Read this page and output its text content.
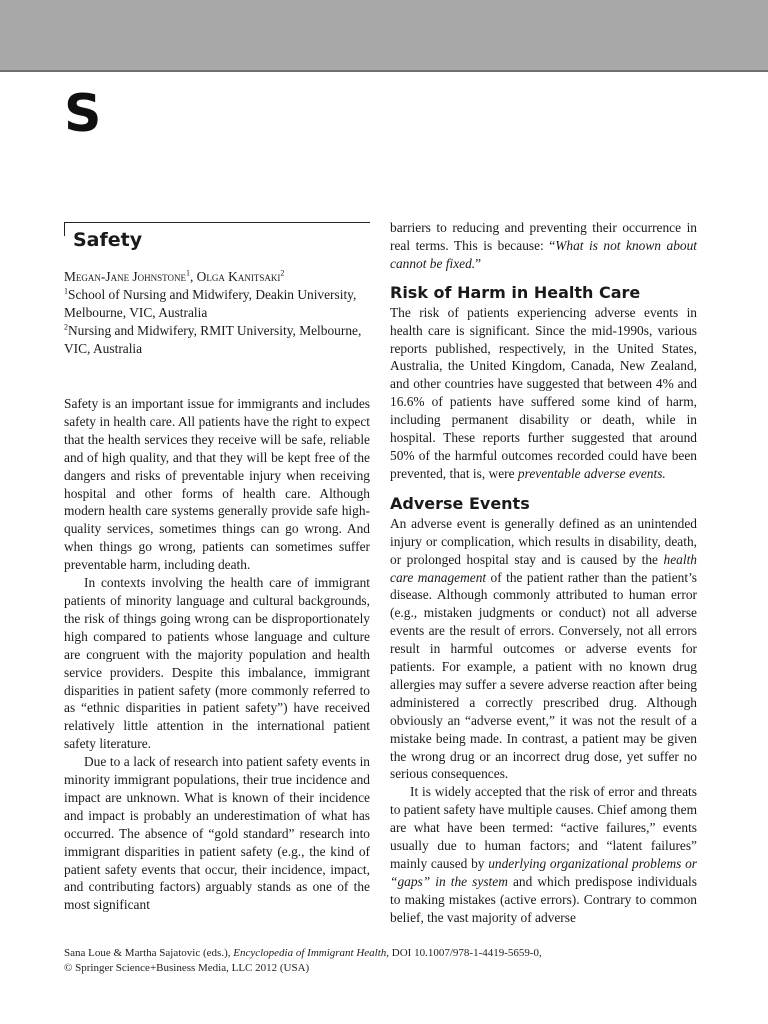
S
Safety
Megan-Jane Johnstone$^1$, Olga Kanitsaki$^2$
$^1$School of Nursing and Midwifery, Deakin University, Melbourne, VIC, Australia
$^2$Nursing and Midwifery, RMIT University, Melbourne, VIC, Australia

Safety is an important issue for immigrants and includes safety in health care. All patients have the right to expect that the health services they receive will be safe, reliable and of high quality, and that they will be kept free of the dangers and risks of preventable injury when receiving hospital and other forms of health care. Although modern health care systems generally provide safe high-quality services, sometimes things can go wrong. And when things go wrong, patients can sometimes suffer preventable harm, including death.

In contexts involving the health care of immigrant patients of minority language and cultural backgrounds, the risk of things going wrong can be disproportionately high compared to patients whose language and culture are congruent with the majority population and health service providers. Despite this imbalance, immigrant disparities in patient safety (more commonly referred to as “ethnic disparities in patient safety”) have received relatively little attention in the international patient safety literature.

Due to a lack of research into patient safety events in minority immigrant populations, their true incidence and impact are unknown. What is known of their incidence and impact is probably an underestimation of what has occurred. The absence of “gold standard” research into immigrant disparities in patient safety (e.g., the kind of patient safety events that occur, their incidence, impact, and contributing factors) arguably stands as one of the most significant

barriers to reducing and preventing their occurrence in real terms. This is because: “What is not known about cannot be fixed.”

Risk of Harm in Health Care

The risk of patients experiencing adverse events in health care is significant. Since the mid-1990s, various reports published, respectively, in the United States, Australia, the United Kingdom, Canada, New Zealand, and other countries have suggested that between 4% and 16.6% of patients have suffered some kind of harm, including permanent disability or death, while in hospital. These reports further suggested that around 50% of the harmful outcomes recorded could have been prevented, that is, were preventable adverse events.

Adverse Events

An adverse event is generally defined as an unintended injury or complication, which results in disability, death, or prolonged hospital stay and is caused by the health care management of the patient rather than the patient’s disease. Although commonly attributed to human error (e.g., mistaken judgments or conduct) not all adverse events are the result of errors. Conversely, not all errors result in harmful outcomes or adverse events for patients. For example, a patient with no known drug allergies may suffer a severe adverse reaction after being administered a correctly prescribed drug. Although obviously an “adverse event,” it was not the result of a mistake being made. In contrast, a patient may be given the wrong drug or an incorrect drug dose, yet suffer no serious consequences.

It is widely accepted that the risk of error and threats to patient safety have multiple causes. Chief among them are what have been termed: “active failures,” events usually due to human factors; and “latent failures” mainly caused by underlying organizational problems or “gaps” in the system and which predispose individuals to making mistakes (active errors). Contrary to common belief, the vast majority of adverse

Sana Loue & Martha Sajatovic (eds.), Encyclopedia of Immigrant Health, DOI 10.1007/978-1-4419-5659-0,
© Springer Science+Business Media, LLC 2012 (USA)
